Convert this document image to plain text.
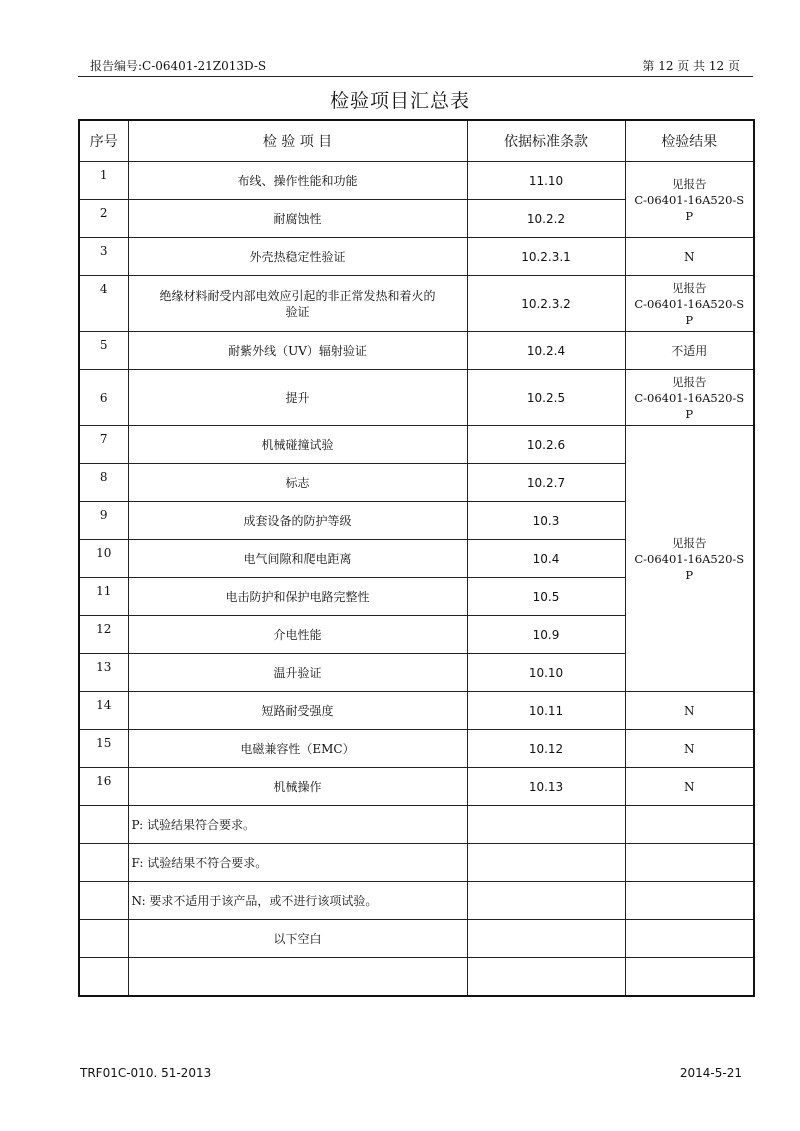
报告编号:C-06401-21Z013D-S	第 12 页 共 12 页
检验项目汇总表
序号	检 验 项 目	依据标准条款	检验结果
1	布线、操作性能和功能	11.10	见报告
C-06401-16A520-S
P

2	耐腐蚀性	10.2.2	
3	外壳热稳定性验证	10.2.3.1	N
4	绝缘材料耐受内部电效应引起的非正常发热和着火的
验证	10.2.3.2	见报告
C-06401-16A520-S
P

5	耐紫外线（UV）辐射验证	10.2.4	不适用
6	提升	10.2.5	见报告
C-06401-16A520-S
P

7	机械碰撞试验	10.2.6	见报告
C-06401-16A520-S
P

8	标志	10.2.7	
9	成套设备的防护等级	10.3	
10	电气间隙和爬电距离	10.4	
11	电击防护和保护电路完整性	10.5	
12	介电性能	10.9	
13	温升验证	10.10	
14	短路耐受强度	10.11	N
15	电磁兼容性（EMC）	10.12	N
16	机械操作	10.13	N
	P: 试验结果符合要求。		
	F: 试验结果不符合要求。		
	N: 要求不适用于该产品，或不进行该项试验。		
	以下空白		

TRF01C-010. 51-2013	2014-5-21
